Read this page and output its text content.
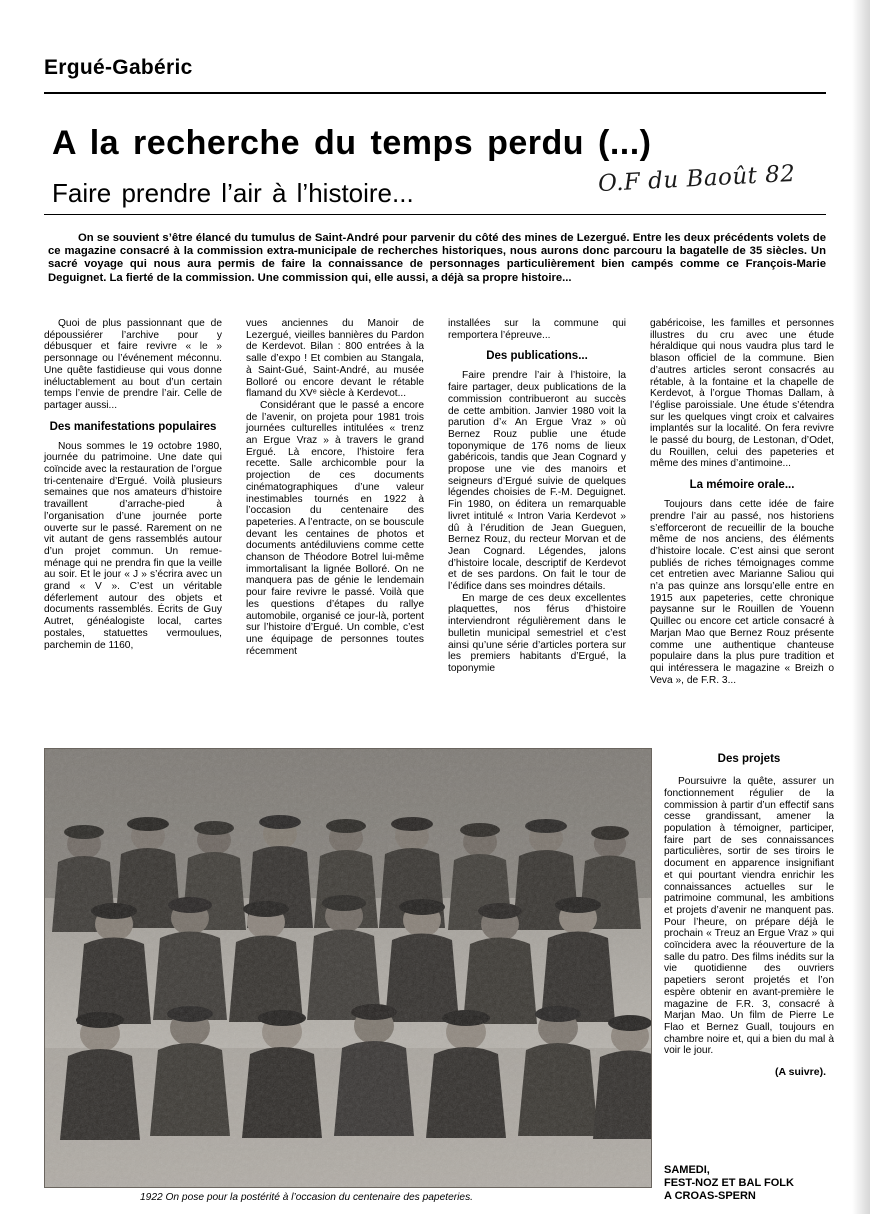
Ergué-Gabéric
A la recherche du temps perdu (...)
Faire prendre l’air à l’histoire...	O.F du Baoût 82
On se souvient s’être élancé du tumulus de Saint-André pour parvenir du côté des mines de Lezergué. Entre les deux précédents volets de ce magazine consacré à la commission extra-municipale de recherches historiques, nous aurons donc parcouru la bagatelle de 35 siècles. Un sacré voyage qui nous aura permis de faire la connaissance de personnages particulièrement bien campés comme ce François-Marie Deguignet. La fierté de la commission. Une commission qui, elle aussi, a déjà sa propre histoire...

Quoi de plus passionnant que de dépoussiérer l’archive pour y débusquer et faire revivre « le » personnage ou l’événement méconnu. Une quête fastidieuse qui vous donne inéluctablement au bout d’un certain temps l’envie de prendre l’air. Celle de partager aussi...

Des manifestations populaires

Nous sommes le 19 octobre 1980, journée du patrimoine. Une date qui coïncide avec la restauration de l’orgue tri-centenaire d’Ergué. Voilà plusieurs semaines que nos amateurs d’histoire travaillent d’arrache-pied à l’organisation d’une journée porte ouverte sur le passé. Rarement on ne vit autant de gens rassemblés autour d’un projet commun. Un remue-ménage qui ne prendra fin que la veille au soir. Et le jour « J » s’écrira avec un grand « V ». C’est un véritable déferlement autour des objets et documents rassemblés. Écrits de Guy Autret, généalogiste local, cartes postales, statuettes vermoulues, parchemin de 1160,

vues anciennes du Manoir de Lezergué, vieilles bannières du Pardon de Kerdevot. Bilan : 800 entrées à la salle d’expo ! Et combien au Stangala, à Saint-Gué, Saint-André, au musée Bolloré ou encore devant le rétable flamand du XVᵉ siècle à Kerdevot...

Considérant que le passé a encore de l’avenir, on projeta pour 1981 trois journées culturelles intitulées « trenz an Ergue Vraz » à travers le grand Ergué. Là encore, l’histoire fera recette. Salle archicomble pour la projection de ces documents cinématographiques d’une valeur inestimables tournés en 1922 à l’occasion du centenaire des papeteries. A l’entracte, on se bouscule devant les centaines de photos et documents antédiluviens comme cette chanson de Théodore Botrel lui-même immortalisant la lignée Bolloré. On ne manquera pas de génie le lendemain pour faire revivre le passé. Voilà que les questions d’étapes du rallye automobile, organisé ce jour-là, portent sur l’histoire d’Ergué. Un comble, c’est une équipage de personnes toutes récemment

installées sur la commune qui remportera l’épreuve...

Des publications...

Faire prendre l’air à l’histoire, la faire partager, deux publications de la commission contribueront au succès de cette ambition. Janvier 1980 voit la parution d’« An Ergue Vraz » où Bernez Rouz publie une étude toponymique de 176 noms de lieux gabéricois, tandis que Jean Cognard y propose une vie des manoirs et seigneurs d’Ergué suivie de quelques légendes choisies de F.-M. Deguignet. Fin 1980, on éditera un remarquable livret intitulé « Intron Varia Kerdevot » dû à l’érudition de Jean Gueguen, Bernez Rouz, du recteur Morvan et de Jean Cognard. Légendes, jalons d’histoire locale, descriptif de Kerdevot et de ses pardons. On fait le tour de l’édifice dans ses moindres détails.

En marge de ces deux excellentes plaquettes, nos férus d’histoire interviendront régulièrement dans le bulletin municipal semestriel et c’est ainsi qu’une série d’articles portera sur les premiers habitants d’Ergué, la toponymie

gabéricoise, les familles et personnes illustres du cru avec une étude héraldique qui nous vaudra plus tard le blason officiel de la commune. Bien d’autres articles seront consacrés au rétable, à la fontaine et la chapelle de Kerdevot, à l’orgue Thomas Dallam, à l’église paroissiale. Une étude s’étendra sur les quelques vingt croix et calvaires implantés sur la localité. On fera revivre le passé du bourg, de Lestonan, d’Odet, du Rouillen, celui des papeteries et même des mines d’antimoine...

La mémoire orale...

Toujours dans cette idée de faire prendre l’air au passé, nos historiens s’efforceront de recueillir de la bouche même de nos anciens, des éléments d’histoire locale. C’est ainsi que seront publiés de riches témoignages comme cet entretien avec Marianne Saliou qui n’a pas quinze ans lorsqu’elle entre en 1915 aux papeteries, cette chronique paysanne sur le Rouillen de Youenn Quillec ou encore cet article consacré à Marjan Mao que Bernez Rouz présente comme une authentique chanteuse populaire dans la plus pure tradition et qui intéressera le magazine « Breizh o Veva », de F.R. 3...

1922 On pose pour la postérité à l’occasion du centenaire des papeteries.
Des projets

Poursuivre la quête, assurer un fonctionnement régulier de la commission à partir d’un effectif sans cesse grandissant, amener la population à témoigner, participer, faire part de ses connaissances particulières, sortir de ses tiroirs le document en apparence insignifiant et qui pourtant viendra enrichir les connaissances actuelles sur le patrimoine communal, les ambitions et projets d’avenir ne manquent pas. Pour l’heure, on prépare déjà le prochain « Treuz an Ergue Vraz » qui coïncidera avec la réouverture de la salle du patro. Des films inédits sur la vie quotidienne des ouvriers papetiers seront projetés et l’on espère obtenir en avant-première le magazine de F.R. 3, consacré à Marjan Mao. Un film de Pierre Le Flao et Bernez Guall, toujours en chambre noire et, qui a bien du mal à voir le jour.

(A suivre).
SAMEDI,
FEST-NOZ ET BAL FOLK
A CROAS-SPERN
